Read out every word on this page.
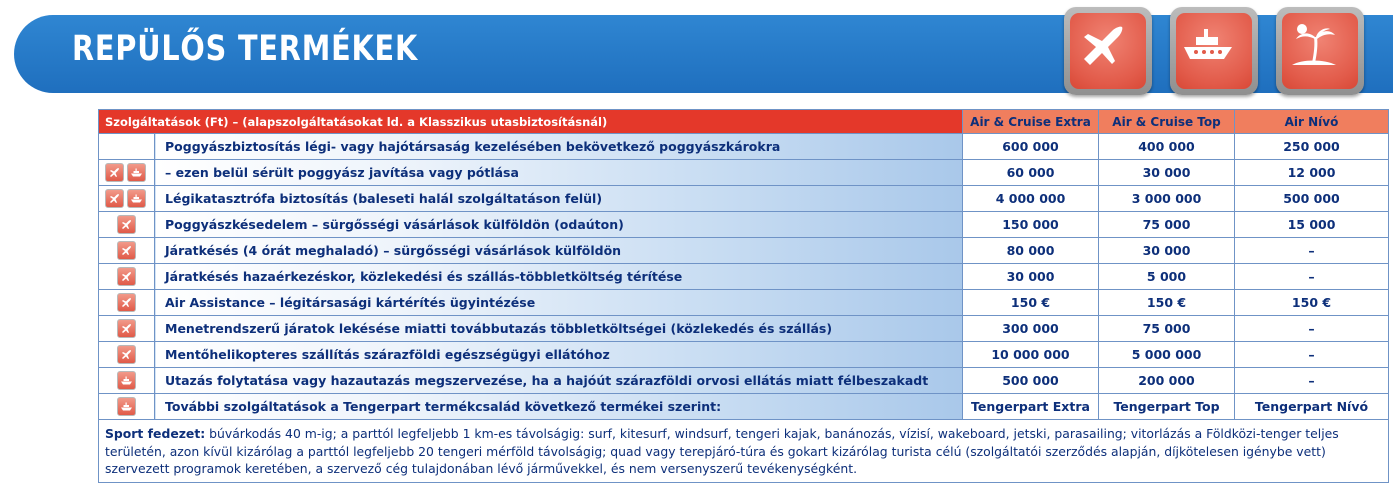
REPÜLŐS TERMÉKEK
Szolgáltatások (Ft) – (alapszolgáltatásokat ld. a Klasszikus utasbiztosításnál)		Air & Cruise Extra	Air & Cruise Top	Air Nívó
	Poggyászbiztosítás légi- vagy hajótársaság kezelésében bekövetkező poggyászkárokra	600 000	400 000	250 000

	– ezen belül sérült poggyász javítása vagy pótlása	60 000	30 000	12 000

	Légikatasztrófa biztosítás (baleseti halál szolgáltatáson felül)	4 000 000	3 000 000	500 000

	Poggyászkésedelem – sürgősségi vásárlások külföldön (odaúton)	150 000	75 000	15 000

	Járatkésés (4 órát meghaladó) – sürgősségi vásárlások külföldön	80 000	30 000	–

	Járatkésés hazaérkezéskor, közlekedési és szállás-többletköltség térítése	30 000	5 000	–

	Air Assistance – légitársasági kártérítés ügyintézése	150 €	150 €	150 €

	Menetrendszerű járatok lekésése miatti továbbutazás többletköltségei (közlekedés és szállás)	300 000	75 000	–

	Mentőhelikopteres szállítás szárazföldi egészségügyi ellátóhoz	10 000 000	5 000 000	–

	Utazás folytatása vagy hazautazás megszervezése, ha a hajóút szárazföldi orvosi ellátás miatt félbeszakadt	500 000	200 000	–

	További szolgáltatások a Tengerpart termékcsalád következő termékei szerint:	Tengerpart Extra	Tengerpart Top	Tengerpart Nívó
Sport fedezet: búvárkodás 40 m-ig; a parttól legfeljebb 1 km-es távolságig: surf, kitesurf, windsurf, tengeri kajak, banánozás, vízisí, wakeboard, jetski, parasailing; vitorlázás a Földközi-tenger teljes területén, azon kívül kizárólag a parttól legfeljebb 20 tengeri mérföld távolságig; quad vagy terepjáró-túra és gokart kizárólag turista célú (szolgáltatói szerződés alapján, díjkötelesen igénybe vett) szervezett programok keretében, a szervező cég tulajdonában lévő járművekkel, és nem versenyszerű tevékenységként.				
